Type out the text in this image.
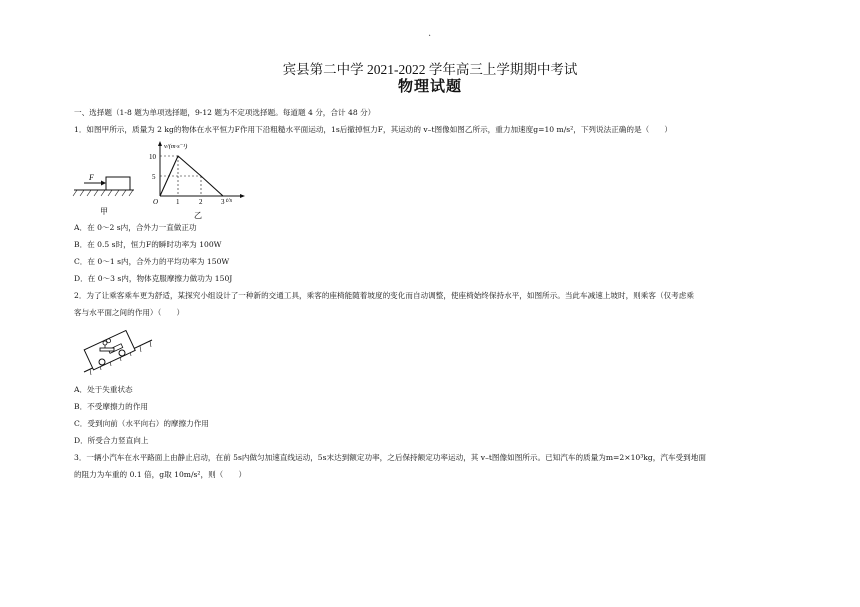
.
宾县第二中学 2021-2022 学年高三上学期期中考试
物理试题
一、选择题（1-8 题为单项选择题，9-12 题为不定项选择题。每道题 4 分，合计 48 分）
1．如图甲所示，质量为 2 kg的物体在水平恒力F作用下沿粗糙水平面运动，1s后撤掉恒力F，其运动的 v–t图像如图乙所示，重力加速度g=10 m/s²，下列说法正确的是（　　）
F
甲
v/(m·s⁻¹)
t/s
10
5
O	1	2	3
乙
A．在 0～2 s内，合外力一直做正功
B．在 0.5 s时，恒力F的瞬时功率为 100W
C．在 0～1 s内，合外力的平均功率为 150W
D．在 0～3 s内，物体克服摩擦力做功为 150J
2．为了让乘客乘车更为舒适，某探究小组设计了一种新的交通工具，乘客的座椅能随着坡度的变化而自动调整，使座椅始终保持水平，如图所示。当此车减速上坡时，则乘客（仅考虑乘
客与水平面之间的作用）（　　）
A．处于失重状态
B．不受摩擦力的作用
C．受到向前（水平向右）的摩擦力作用
D．所受合力竖直向上
3．一辆小汽车在水平路面上由静止启动，在前 5s内做匀加速直线运动，5s末达到额定功率，之后保持额定功率运动，其 v–t图像如图所示。已知汽车的质量为m=2×10³kg，汽车受到地面
的阻力为车重的 0.1 倍，g取 10m/s²，则（　　）
